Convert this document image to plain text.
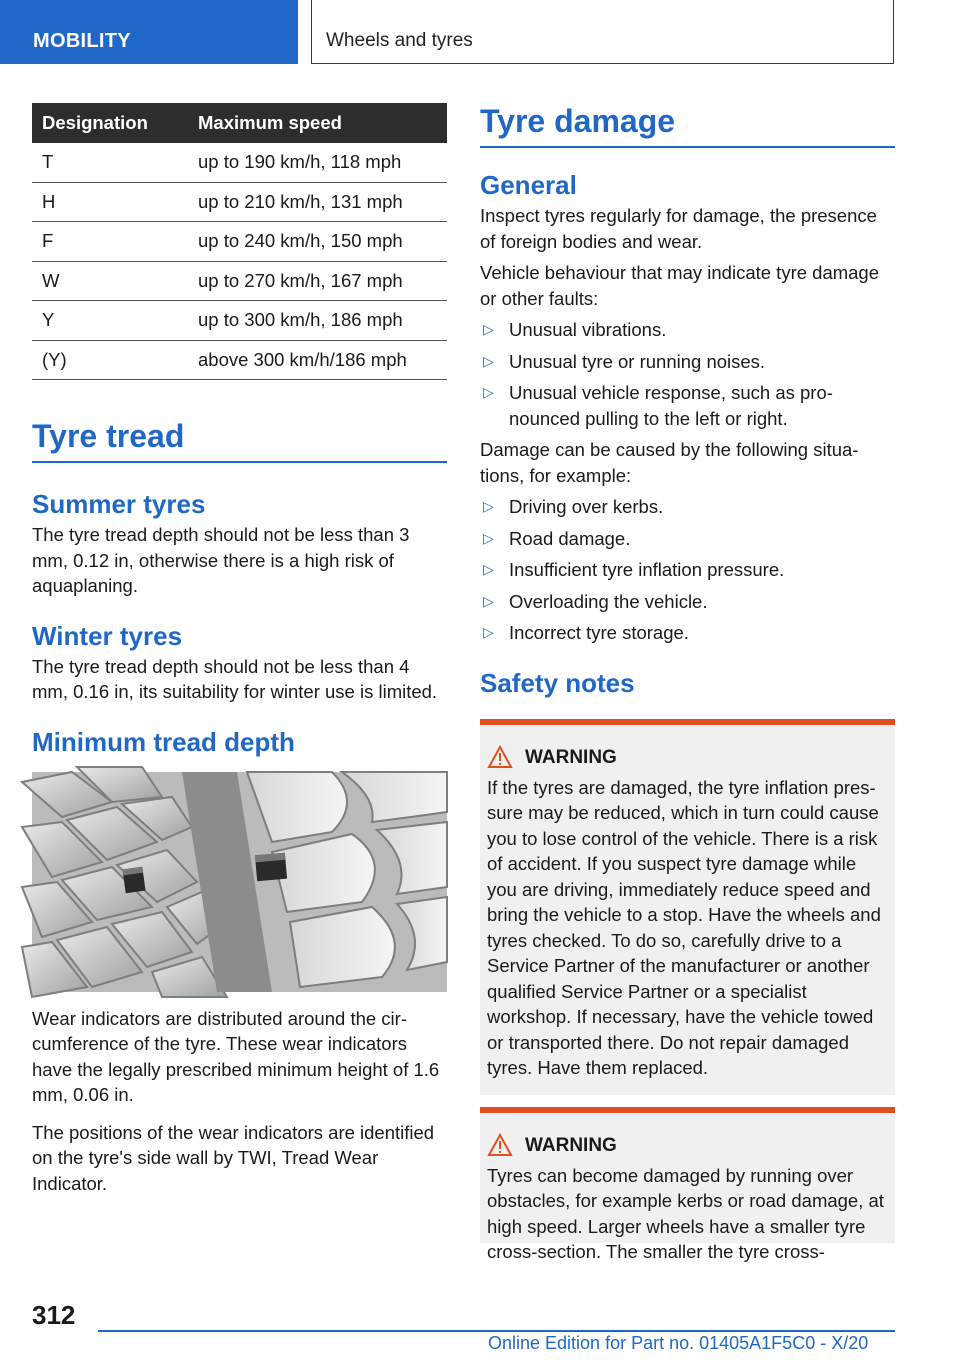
MOBILITY	Wheels and tyres
Designation	Maximum speed
T	up to 190 km/h, 118 mph
H	up to 210 km/h, 131 mph
F	up to 240 km/h, 150 mph
W	up to 270 km/h, 167 mph
Y	up to 300 km/h, 186 mph
(Y)	above 300 km/h/186 mph
Tyre tread
Summer tyres

The tyre tread depth should not be less than 3 mm, 0.12 in, otherwise there is a high risk of aquaplaning.

Winter tyres

The tyre tread depth should not be less than 4 mm, 0.16 in, its suitability for winter use is limited.

Minimum tread depth

Wear indicators are distributed around the circumference of the tyre. These wear indicators have the legally prescribed minimum height of 1.6 mm, 0.06 in.

The positions of the wear indicators are identified on the tyre's side wall by TWI, Tread Wear Indicator.

Tyre damage
General

Inspect tyres regularly for damage, the presence of foreign bodies and wear.

Vehicle behaviour that may indicate tyre damage or other faults:

▷ Unusual vibrations.
▷ Unusual tyre or running noises.
▷ Unusual vehicle response, such as pronounced pulling to the left or right.

Damage can be caused by the following situations, for example:

▷ Driving over kerbs.
▷ Road damage.
▷ Insufficient tyre inflation pressure.
▷ Overloading the vehicle.
▷ Incorrect tyre storage.
Safety notes
WARNING

If the tyres are damaged, the tyre inflation pressure may be reduced, which in turn could cause you to lose control of the vehicle. There is a risk of accident. If you suspect tyre damage while you are driving, immediately reduce speed and bring the vehicle to a stop. Have the wheels and tyres checked. To do so, carefully drive to a Service Partner of the manufacturer or another qualified Service Partner or a specialist workshop. If necessary, have the vehicle towed or transported there. Do not repair damaged tyres. Have them replaced.

WARNING

Tyres can become damaged by running over obstacles, for example kerbs or road damage, at high speed. Larger wheels have a smaller tyre cross-section. The smaller the tyre cross-

312
Online Edition for Part no. 01405A1F5C0 - X/20
